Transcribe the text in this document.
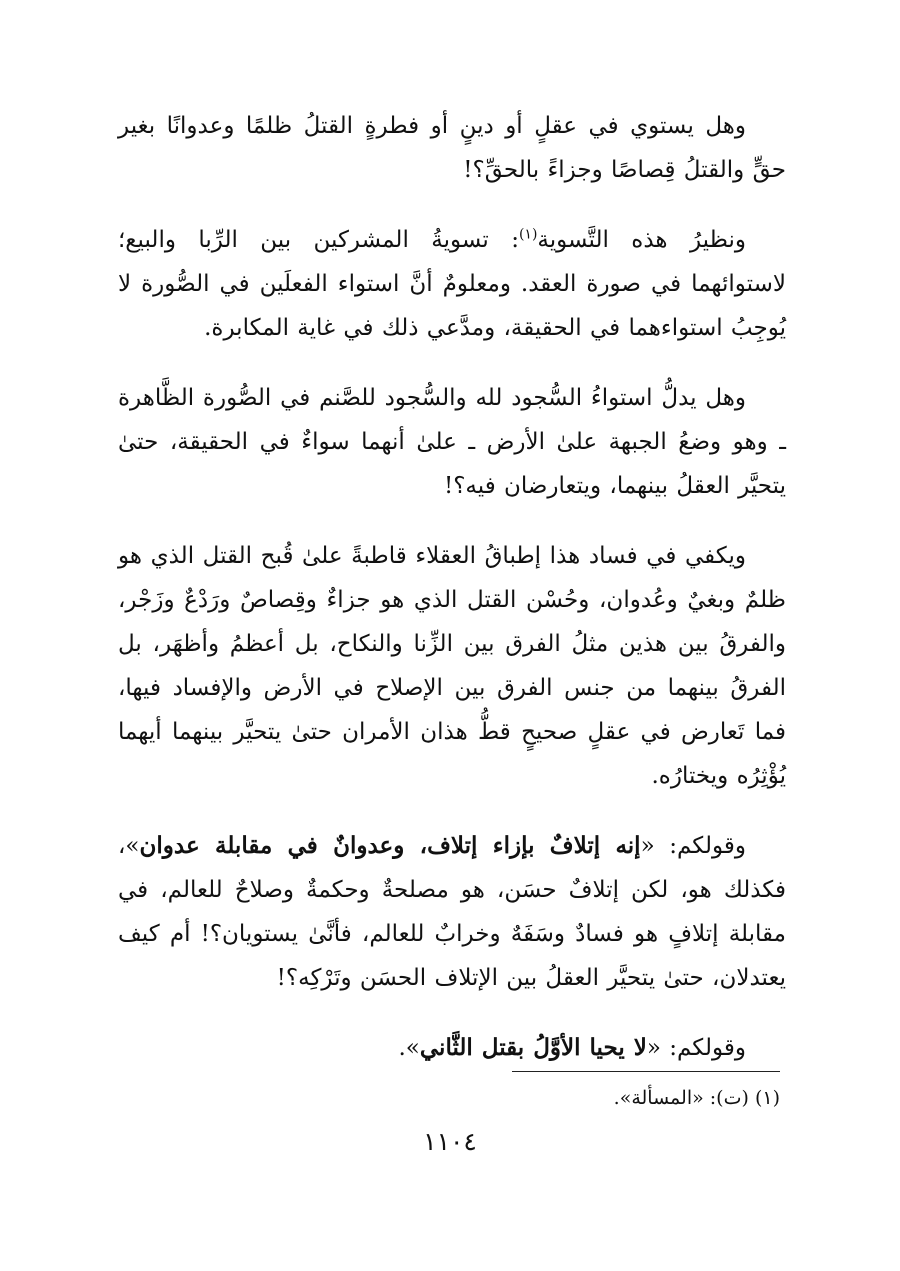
وهل يستوي في عقلٍ أو دينٍ أو فطرةٍ القتلُ ظلمًا وعدوانًا بغير حقٍّ والقتلُ قِصاصًا وجزاءً بالحقِّ؟!

ونظيرُ هذه التَّسوية$^{(١)}$: تسويةُ المشركين بين الرِّبا والبيع؛ لاستوائهما في صورة العقد. ومعلومٌ أنَّ استواء الفعلَين في الصُّورة لا يُوجِبُ استواءهما في الحقيقة، ومدَّعي ذلك في غاية المكابرة.

وهل يدلُّ استواءُ السُّجود لله والسُّجود للصَّنم في الصُّورة الظَّاهرة ـ وهو وضعُ الجبهة علىٰ الأرض ـ علىٰ أنهما سواءٌ في الحقيقة، حتىٰ يتحيَّر العقلُ بينهما، ويتعارضان فيه؟!

ويكفي في فساد هذا إطباقُ العقلاء قاطبةً علىٰ قُبح القتل الذي هو ظلمٌ وبغيٌ وعُدوان، وحُسْن القتل الذي هو جزاءٌ وقِصاصٌ ورَدْعٌ وزَجْر، والفرقُ بين هذين مثلُ الفرق بين الزِّنا والنكاح، بل أعظمُ وأظهَر، بل الفرقُ بينهما من جنس الفرق بين الإصلاح في الأرض والإفساد فيها، فما تَعارض في عقلٍ صحيحٍ قطُّ هذان الأمران حتىٰ يتحيَّر بينهما أيهما يُؤْثِرُه ويختارُه.

وقولكم: «إنه إتلافٌ بإزاء إتلاف، وعدوانٌ في مقابلة عدوان»، فكذلك هو، لكن إتلافٌ حسَن، هو مصلحةٌ وحكمةٌ وصلاحٌ للعالم، في مقابلة إتلافٍ هو فسادٌ وسَفَهٌ وخرابٌ للعالم، فأنَّىٰ يستويان؟! أم كيف يعتدلان، حتىٰ يتحيَّر العقلُ بين الإتلاف الحسَن وتَرْكِه؟!

وقولكم: «لا يحيا الأوَّلُ بقتل الثَّاني».

(١) (ت): «المسألة».
١١٠٤
